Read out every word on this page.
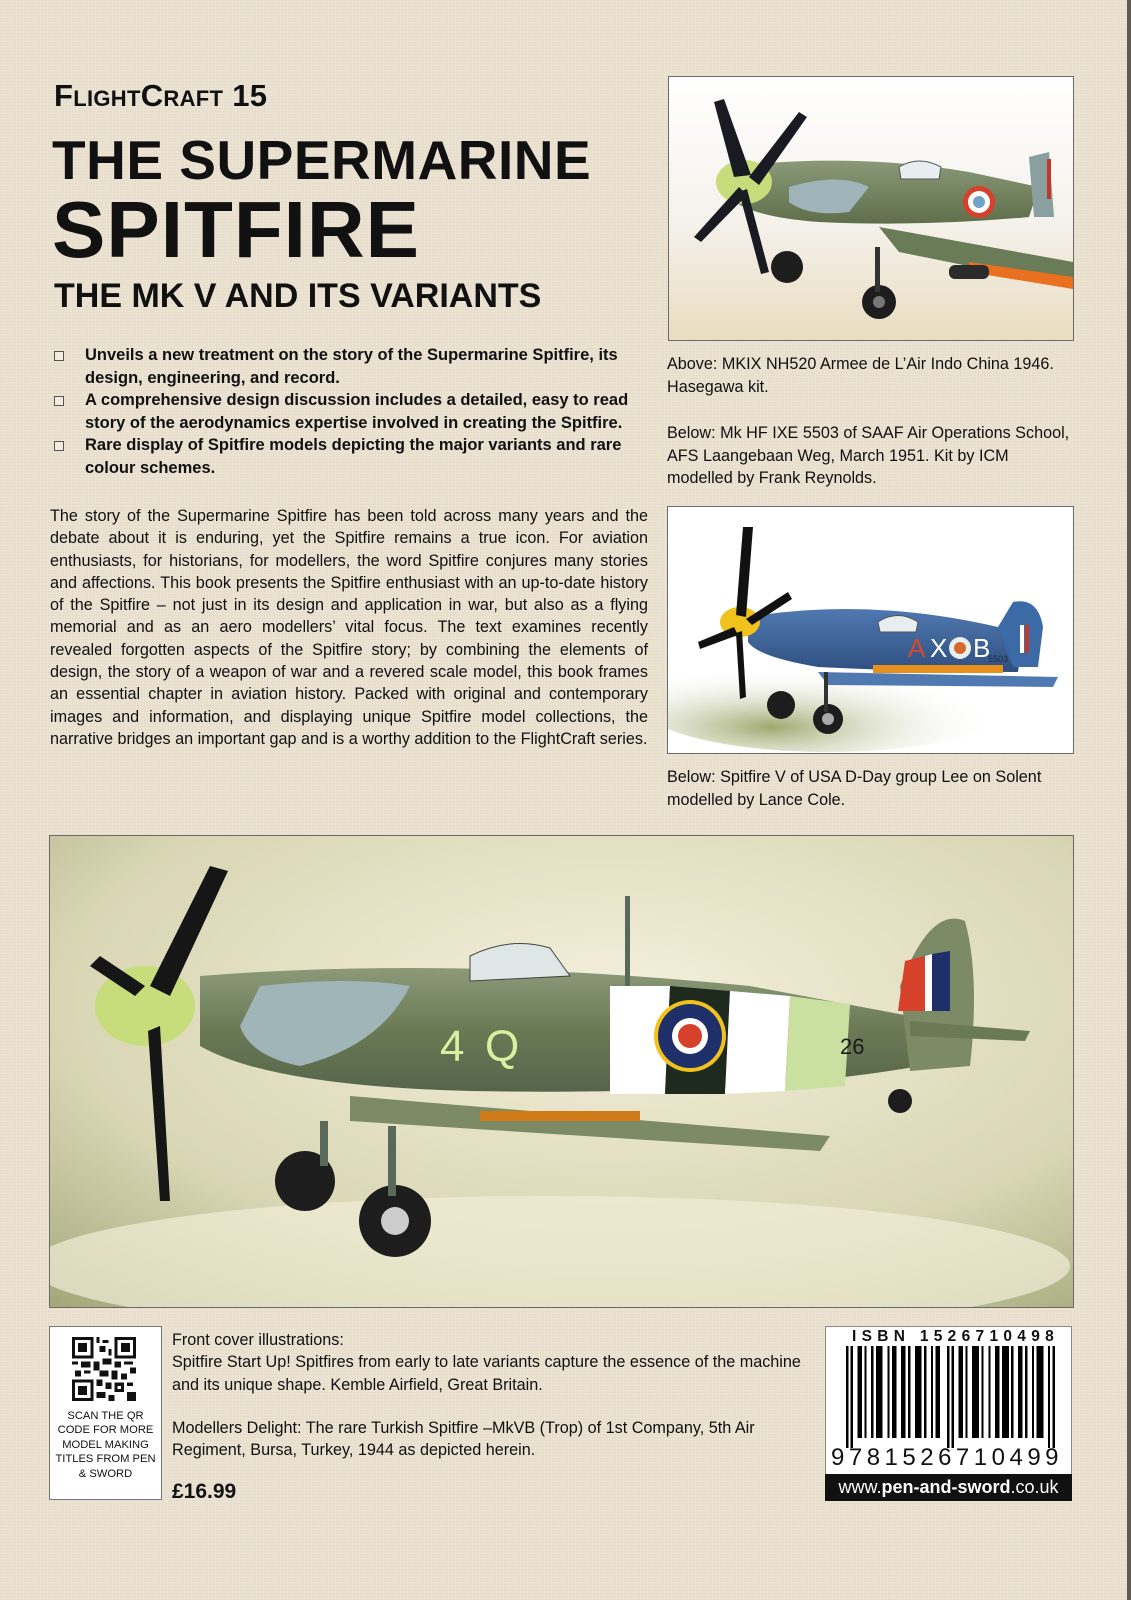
FlightCraft 15
THE SUPERMARINE
SPITFIRE
THE MK V AND ITS VARIANTS
Unveils a new treatment on the story of the Supermarine Spitfire, its design, engineering, and record.
A comprehensive design discussion includes a detailed, easy to read story of the aerodynamics expertise involved in creating the Spitfire.
Rare display of Spitfire models depicting the major variants and rare colour schemes.
The story of the Supermarine Spitfire has been told across many years and the debate about it is enduring, yet the Spitfire remains a true icon. For aviation enthusiasts, for historians, for modellers, the word Spitfire conjures many stories and affections. This book presents the Spitfire enthusiast with an up-to-date history of the Spitfire – not just in its design and application in war, but also as a flying memorial and as an aero modellers’ vital focus. The text examines recently revealed forgotten aspects of the Spitfire story; by combining the elements of design, the story of a weapon of war and a revered scale model, this book frames an essential chapter in aviation history. Packed with original and contemporary images and information, and displaying unique Spitfire model collections, the narrative bridges an important gap and is a worthy addition to the FlightCraft series.
Above: MKIX NH520 Armee de L’Air Indo China 1946. Hasegawa kit.
Below: Mk HF IXE 5503 of SAAF Air Operations School, AFS Laangebaan Weg, March 1951. Kit by ICM modelled by Frank Reynolds.
A X B
5503
Below: Spitfire V of USA D-Day group Lee on Solent modelled by Lance Cole.
4 Q	26
SCAN THE QR CODE FOR MORE MODEL MAKING TITLES FROM PEN & SWORD

Front cover illustrations:

Spitfire Start Up! Spitfires from early to late variants capture the essence of the machine and its unique shape. Kemble Airfield, Great Britain.

Modellers Delight: The rare Turkish Spitfire –MkVB (Trop) of 1st Company, 5th Air Regiment, Bursa, Turkey, 1944 as depicted herein.

£16.99
ISBN 1526710498
9781526710499
www.pen-and-sword.co.uk
